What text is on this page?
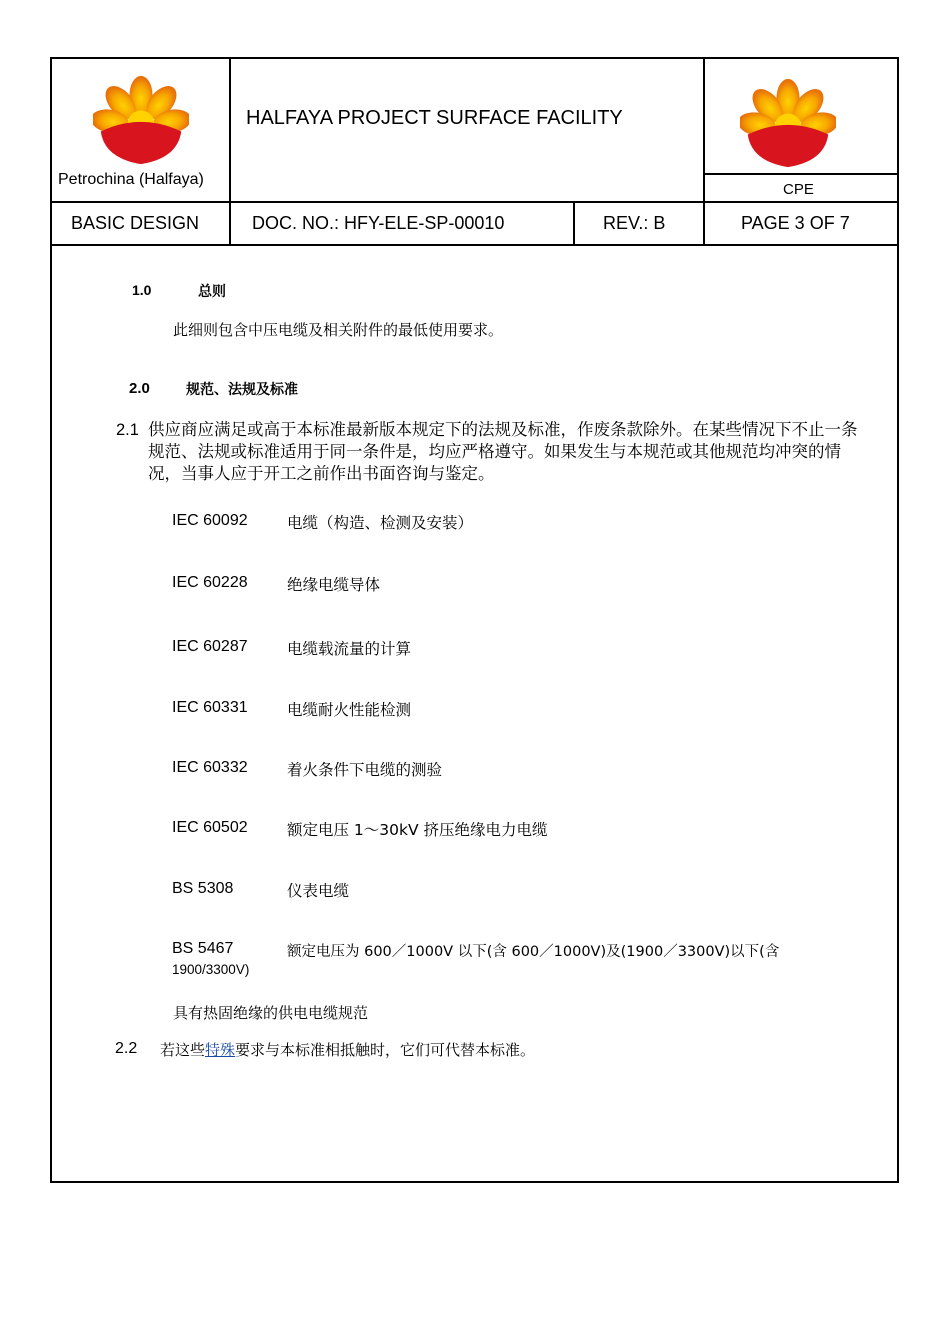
Petrochina (Halfaya)
HALFAYA PROJECT SURFACE FACILITY
CPE
BASIC DESIGN	DOC. NO.: HFY-ELE-SP-00010	REV.: B	PAGE 3 OF 7
1.0	总则
此细则包含中压电缆及相关附件的最低使用要求。
2.0	规范、法规及标准
2.1 供应商应满足或高于本标准最新版本规定下的法规及标准，作废条款除外。在某些情况下不止一条规范、法规或标准适用于同一条件是，均应严格遵守。如果发生与本规范或其他规范均冲突的情况，当事人应于开工之前作出书面咨询与鉴定。
IEC 60092	电缆（构造、检测及安装）
IEC 60228	绝缘电缆导体
IEC 60287	电缆载流量的计算
IEC 60331	电缆耐火性能检测
IEC 60332	着火条件下电缆的测验
IEC 60502	额定电压 1～30kV 挤压绝缘电力电缆
BS 5308	仪表电缆
BS 5467	额定电压为 600／1000V 以下(含 600／1000V)及(1900／3300V)以下(含
1900/3300V)
具有热固绝缘的供电电缆规范
2.2 若这些特殊要求与本标准相抵触时，它们可代替本标准。
